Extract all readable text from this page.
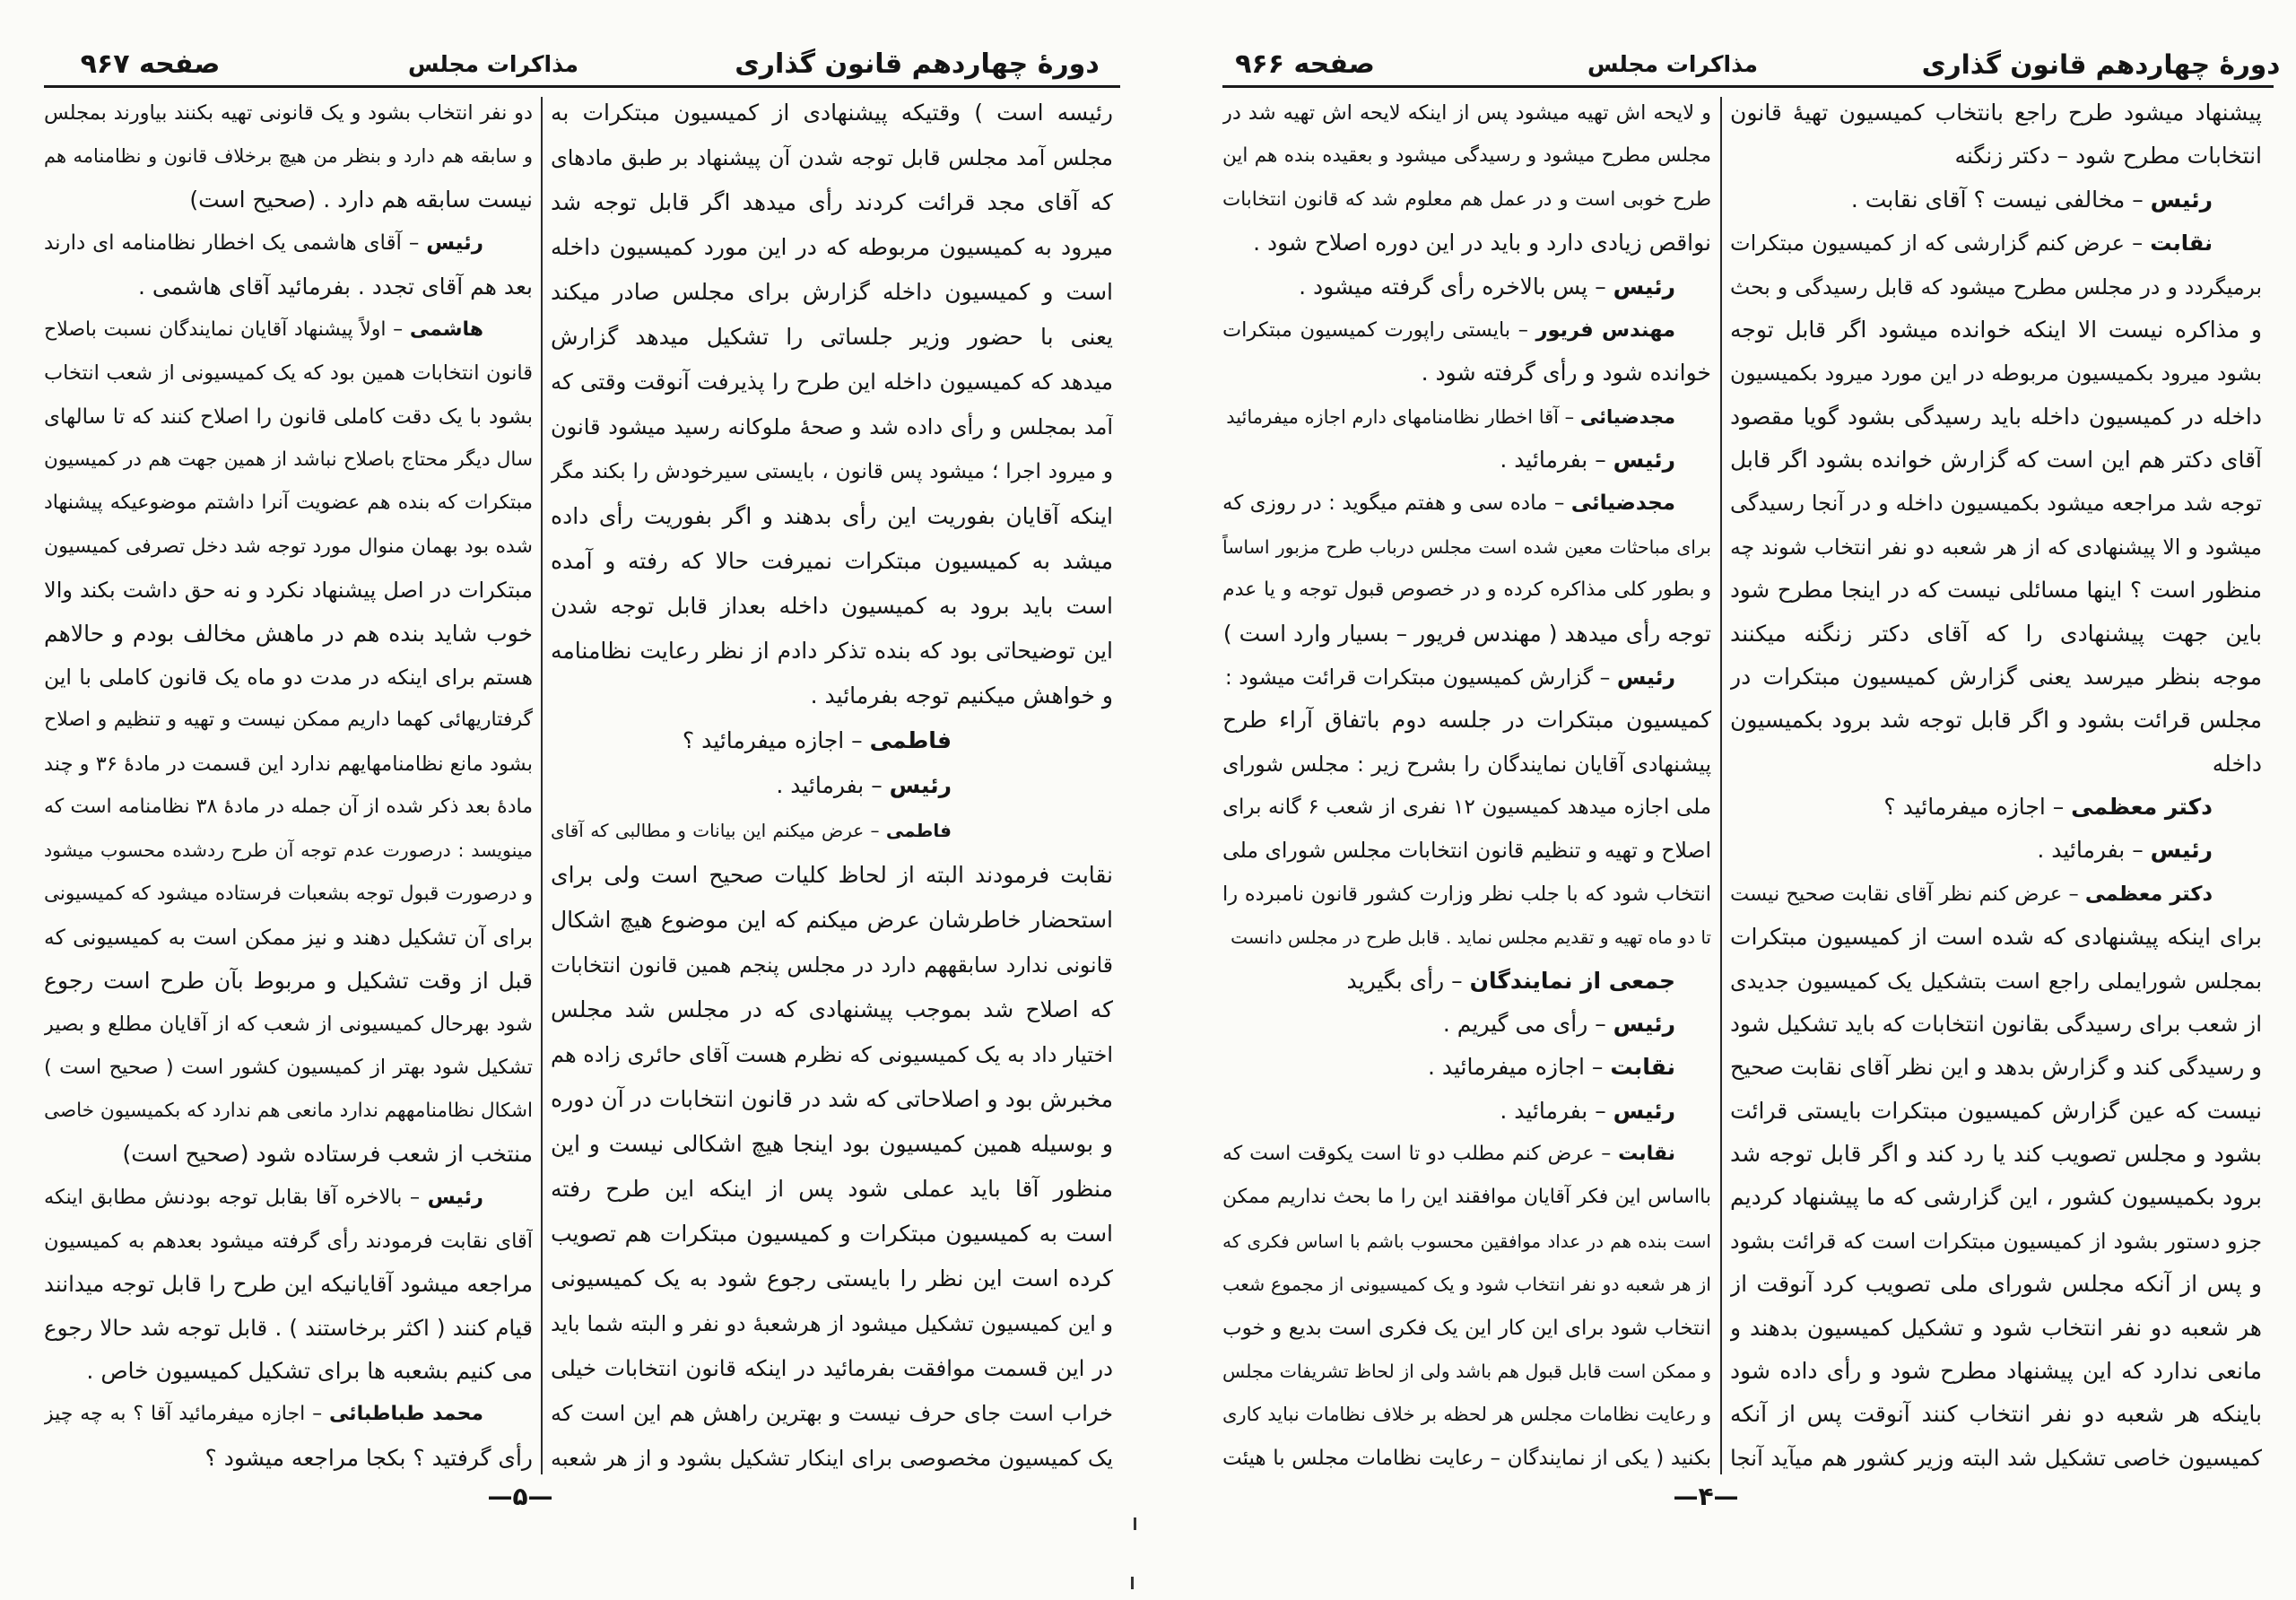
صفحه ۹۶۷	مذاکرات مجلس	دورهٔ چهاردهم قانون گذاری
رئیسه است ) وقتیکه پیشنهادی از کمیسیون مبتکرات به
مجلس آمد مجلس قابل توجه شدن آن پیشنهاد بر طبق مادهای
که آقای مجد قرائت کردند رأی میدهد اگر قابل توجه شد
میرود به کمیسیون مربوطه که در این مورد کمیسیون داخله
است و کمیسیون داخله گزارش برای مجلس صادر میکند
یعنی با حضور وزیر جلساتی را تشکیل میدهد گزارش
میدهد که کمیسیون داخله این طرح را پذیرفت آنوقت وقتی که
آمد بمجلس و رأی داده شد و صحهٔ ملوکانه رسید میشود قانون
و میرود اجرا ؛ میشود پس قانون ، بایستی سیرخودش را بکند مگر
اینکه آقایان بفوریت این رأی بدهند و اگر بفوریت رأی داده
میشد به کمیسیون مبتکرات نمیرفت حالا که رفته و آمده
است باید برود به کمیسیون داخله بعداز قابل توجه شدن
این توضیحاتی بود که بنده تذکر دادم از نظر رعایت نظامنامه
و خواهش میکنیم توجه بفرمائید .
فاطمی – اجازه میفرمائید ؟
رئیس – بفرمائید .
فاطمی – عرض میکنم این بیانات و مطالبی که آقای
نقابت فرمودند البته از لحاظ کلیات صحیح است ولی برای
استحضار خاطرشان عرض میکنم که این موضوع هیچ اشکال
قانونی ندارد سابقههم دارد در مجلس پنجم همین قانون انتخابات
که اصلاح شد بموجب پیشنهادی که در مجلس شد مجلس
اختیار داد به یک کمیسیونی که نظرم هست آقای حائری زاده هم
مخبرش بود و اصلاحاتی که شد در قانون انتخابات در آن دوره
و بوسیله همین کمیسیون بود اینجا هیچ اشکالی نیست و این
منظور آقا باید عملی شود پس از اینکه این طرح رفته
است به کمیسیون مبتکرات و کمیسیون مبتکرات هم تصویب
کرده است این نظر را بایستی رجوع شود به یک کمیسیونی
و این کمیسیون تشکیل میشود از هرشعبهٔ دو نفر و البته شما باید
در این قسمت موافقت بفرمائید در اینکه قانون انتخابات خیلی
خراب است جای حرف نیست و بهترین راهش هم این است که
یک کمیسیون مخصوصی برای اینکار تشکیل بشود و از هر شعبه
دو نفر انتخاب بشود و یک قانونی تهیه بکنند بیاورند بمجلس
و سابقه هم دارد و بنظر من هیچ برخلاف قانون و نظامنامه هم
نیست سابقه هم دارد . (صحیح است)
رئیس – آقای هاشمی یک اخطار نظامنامه ای دارند
بعد هم آقای تجدد . بفرمائید آقای هاشمی .
هاشمی – اولاً پیشنهاد آقایان نمایندگان نسبت باصلاح
قانون انتخابات همین بود که یک کمیسیونی از شعب انتخاب
بشود با یک دقت کاملی قانون را اصلاح کنند که تا سالهای
سال دیگر محتاج باصلاح نباشد از همین جهت هم در کمیسیون
مبتکرات که بنده هم عضویت آنرا داشتم موضوعیکه پیشنهاد
شده بود بهمان منوال مورد توجه شد دخل تصرفی کمیسیون
مبتکرات در اصل پیشنهاد نکرد و نه حق داشت بکند والا
خوب شاید بنده هم در ماهش مخالف بودم و حالاهم
هستم برای اینکه در مدت دو ماه یک قانون کاملی با این
گرفتاریهائی کهما داریم ممکن نیست و تهیه و تنظیم و اصلاح
بشود مانع نظامنامهایهم ندارد این قسمت در مادهٔ ۳۶ و چند
مادهٔ بعد ذکر شده از آن جمله در مادهٔ ۳۸ نظامنامه است که
مینویسد : درصورت عدم توجه آن طرح ردشده محسوب میشود
و درصورت قبول توجه بشعبات فرستاده میشود که کمیسیونی
برای آن تشکیل دهند و نیز ممکن است به کمیسیونی که
قبل از وقت تشکیل و مربوط بآن طرح است رجوع
شود بهرحال کمیسیونی از شعب که از آقایان مطلع و بصیر
تشکیل شود بهتر از کمیسیون کشور است ( صحیح است )
اشکال نظامنامههم ندارد مانعی هم ندارد که بکمیسیون خاصی
منتخب از شعب فرستاده شود (صحیح است)
رئیس – بالاخره آقا بقابل توجه بودنش مطابق اینکه
آقای نقابت فرمودند رأی گرفته میشود بعدهم به کمیسیون
مراجعه میشود آقایانیکه این طرح را قابل توجه میدانند
قیام کنند ( اکثر برخاستند ) . قابل توجه شد حالا رجوع
می کنیم بشعبه ها برای تشکیل کمیسیون خاص .
محمد طباطبائی – اجازه میفرمائید آقا ؟ به چه چیز
رأی گرفتید ؟ بکجا مراجعه میشود ؟
—۵—
صفحه ۹۶۶	مذاکرات مجلس	دورهٔ چهاردهم قانون گذاری
پیشنهاد میشود طرح راجع بانتخاب کمیسیون تهیهٔ قانون
انتخابات مطرح شود – دکتر زنگنه
رئیس – مخالفی نیست ؟ آقای نقابت .
نقابت – عرض کنم گزارشی که از کمیسیون مبتکرات
برمیگردد و در مجلس مطرح میشود که قابل رسیدگی و بحث
و مذاکره نیست الا اینکه خوانده میشود اگر قابل توجه
بشود میرود بکمیسیون مربوطه در این مورد میرود بکمیسیون
داخله در کمیسیون داخله باید رسیدگی بشود گویا مقصود
آقای دکتر هم این است که گزارش خوانده بشود اگر قابل
توجه شد مراجعه میشود بکمیسیون داخله و در آنجا رسیدگی
میشود و الا پیشنهادی که از هر شعبه دو نفر انتخاب شوند چه
منظور است ؟ اینها مسائلی نیست که در اینجا مطرح شود
باین جهت پیشنهادی را که آقای دکتر زنگنه میکنند
موجه بنظر میرسد یعنی گزارش کمیسیون مبتکرات در
مجلس قرائت بشود و اگر قابل توجه شد برود بکمیسیون
داخله
دکتر معظمی – اجازه میفرمائید ؟
رئیس – بفرمائید .
دکتر معظمی – عرض کنم نظر آقای نقابت صحیح نیست
برای اینکه پیشنهادی که شده است از کمیسیون مبتکرات
بمجلس شورایملی راجع است بتشکیل یک کمیسیون جدیدی
از شعب برای رسیدگی بقانون انتخابات که باید تشکیل شود
و رسیدگی کند و گزارش بدهد و این نظر آقای نقابت صحیح
نیست که عین گزارش کمیسیون مبتکرات بایستی قرائت
بشود و مجلس تصویب کند یا رد کند و اگر قابل توجه شد
برود بکمیسیون کشور ، این گزارشی که ما پیشنهاد کردیم
جزو دستور بشود از کمیسیون مبتکرات است که قرائت بشود
و پس از آنکه مجلس شورای ملی تصویب کرد آنوقت از
هر شعبه دو نفر انتخاب شود و تشکیل کمیسیون بدهند و
مانعی ندارد که این پیشنهاد مطرح شود و رأی داده شود
باینکه هر شعبه دو نفر انتخاب کنند آنوقت پس از آنکه
کمیسیون خاصی تشکیل شد البته وزیر کشور هم میآید آنجا
و لایحه اش تهیه میشود پس از اینکه لایحه اش تهیه شد در
مجلس مطرح میشود و رسیدگی میشود و بعقیده بنده هم این
طرح خوبی است و در عمل هم معلوم شد که قانون انتخابات
نواقص زیادی دارد و باید در این دوره اصلاح شود .
رئیس – پس بالاخره رأی گرفته میشود .
مهندس فریور – بایستی راپورت کمیسیون مبتکرات
خوانده شود و رأی گرفته شود .
مجدضیائی – آقا اخطار نظامنامهای دارم اجازه میفرمائید
رئیس – بفرمائید .
مجدضیائی – ماده سی و هفتم میگوید : در روزی که
برای مباحثات معین شده است مجلس درباب طرح مزبور اساساً
و بطور کلی مذاکره کرده و در خصوص قبول توجه و یا عدم
توجه رأی میدهد ( مهندس فریور – بسیار وارد است )
رئیس – گزارش کمیسیون مبتکرات قرائت میشود :
کمیسیون مبتکرات در جلسه دوم باتفاق آراء طرح
پیشنهادی آقایان نمایندگان را بشرح زیر : مجلس شورای
ملی اجازه میدهد کمیسیون ۱۲ نفری از شعب ۶ گانه برای
اصلاح و تهیه و تنظیم قانون انتخابات مجلس شورای ملی
انتخاب شود که با جلب نظر وزارت کشور قانون نامبرده را
تا دو ماه تهیه و تقدیم مجلس نماید . قابل طرح در مجلس دانست
جمعی از نمایندگان – رأی بگیرید
رئیس – رأی می گیریم .
نقابت – اجازه میفرمائید .
رئیس – بفرمائید .
نقابت – عرض کنم مطلب دو تا است یکوقت است که
بااساس این فکر آقایان موافقند این را ما بحث نداریم ممکن
است بنده هم در عداد موافقین محسوب باشم با اساس فکری که
از هر شعبه دو نفر انتخاب شود و یک کمیسیونی از مجموع شعب
انتخاب شود برای این کار این یک فکری است بدیع و خوب
و ممکن است قابل قبول هم باشد ولی از لحاظ تشریفات مجلس
و رعایت نظامات مجلس هر لحظه بر خلاف نظامات نباید کاری
بکنید ( یکی از نمایندگان – رعایت نظامات مجلس با هیئت
—۴—
